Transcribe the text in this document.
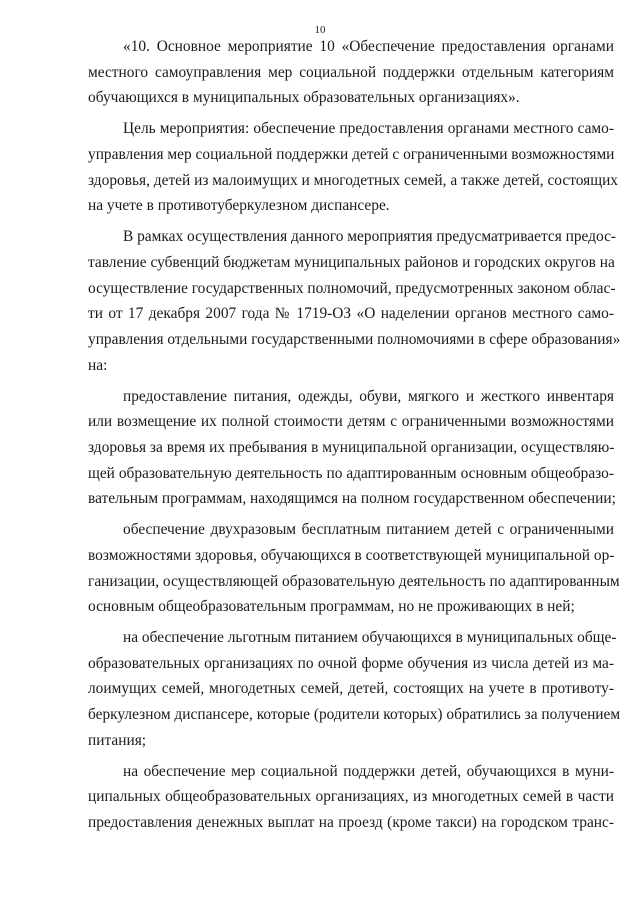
10
«10. Основное мероприятие 10 «Обеспечение предоставления органами
местного самоуправления мер социальной поддержки отдельным категориям
обучающихся в муниципальных образовательных организациях».
Цель мероприятия: обеспечение предоставления органами местного само-
управления мер социальной поддержки детей с ограниченными возможностями
здоровья, детей из малоимущих и многодетных семей, а также детей, состоящих
на учете в противотуберкулезном диспансере.
В рамках осуществления данного мероприятия предусматривается предос-
тавление субвенций бюджетам муниципальных районов и городских округов на
осуществление государственных полномочий, предусмотренных законом облас-
ти от 17 декабря 2007 года № 1719-ОЗ «О наделении органов местного само-
управления отдельными государственными полномочиями в сфере образования»
на:
предоставление питания, одежды, обуви, мягкого и жесткого инвентаря
или возмещение их полной стоимости детям с ограниченными возможностями
здоровья за время их пребывания в муниципальной организации, осуществляю-
щей образовательную деятельность по адаптированным основным общеобразо-
вательным программам, находящимся на полном государственном обеспечении;
обеспечение двухразовым бесплатным питанием детей с ограниченными
возможностями здоровья, обучающихся в соответствующей муниципальной ор-
ганизации, осуществляющей образовательную деятельность по адаптированным
основным общеобразовательным программам, но не проживающих в ней;
на обеспечение льготным питанием обучающихся в муниципальных обще-
образовательных организациях по очной форме обучения из числа детей из ма-
лоимущих семей, многодетных семей, детей, состоящих на учете в противоту-
беркулезном диспансере, которые (родители которых) обратились за получением
питания;
на обеспечение мер социальной поддержки детей, обучающихся в муни-
ципальных общеобразовательных организациях, из многодетных семей в части
предоставления денежных выплат на проезд (кроме такси) на городском транс-
